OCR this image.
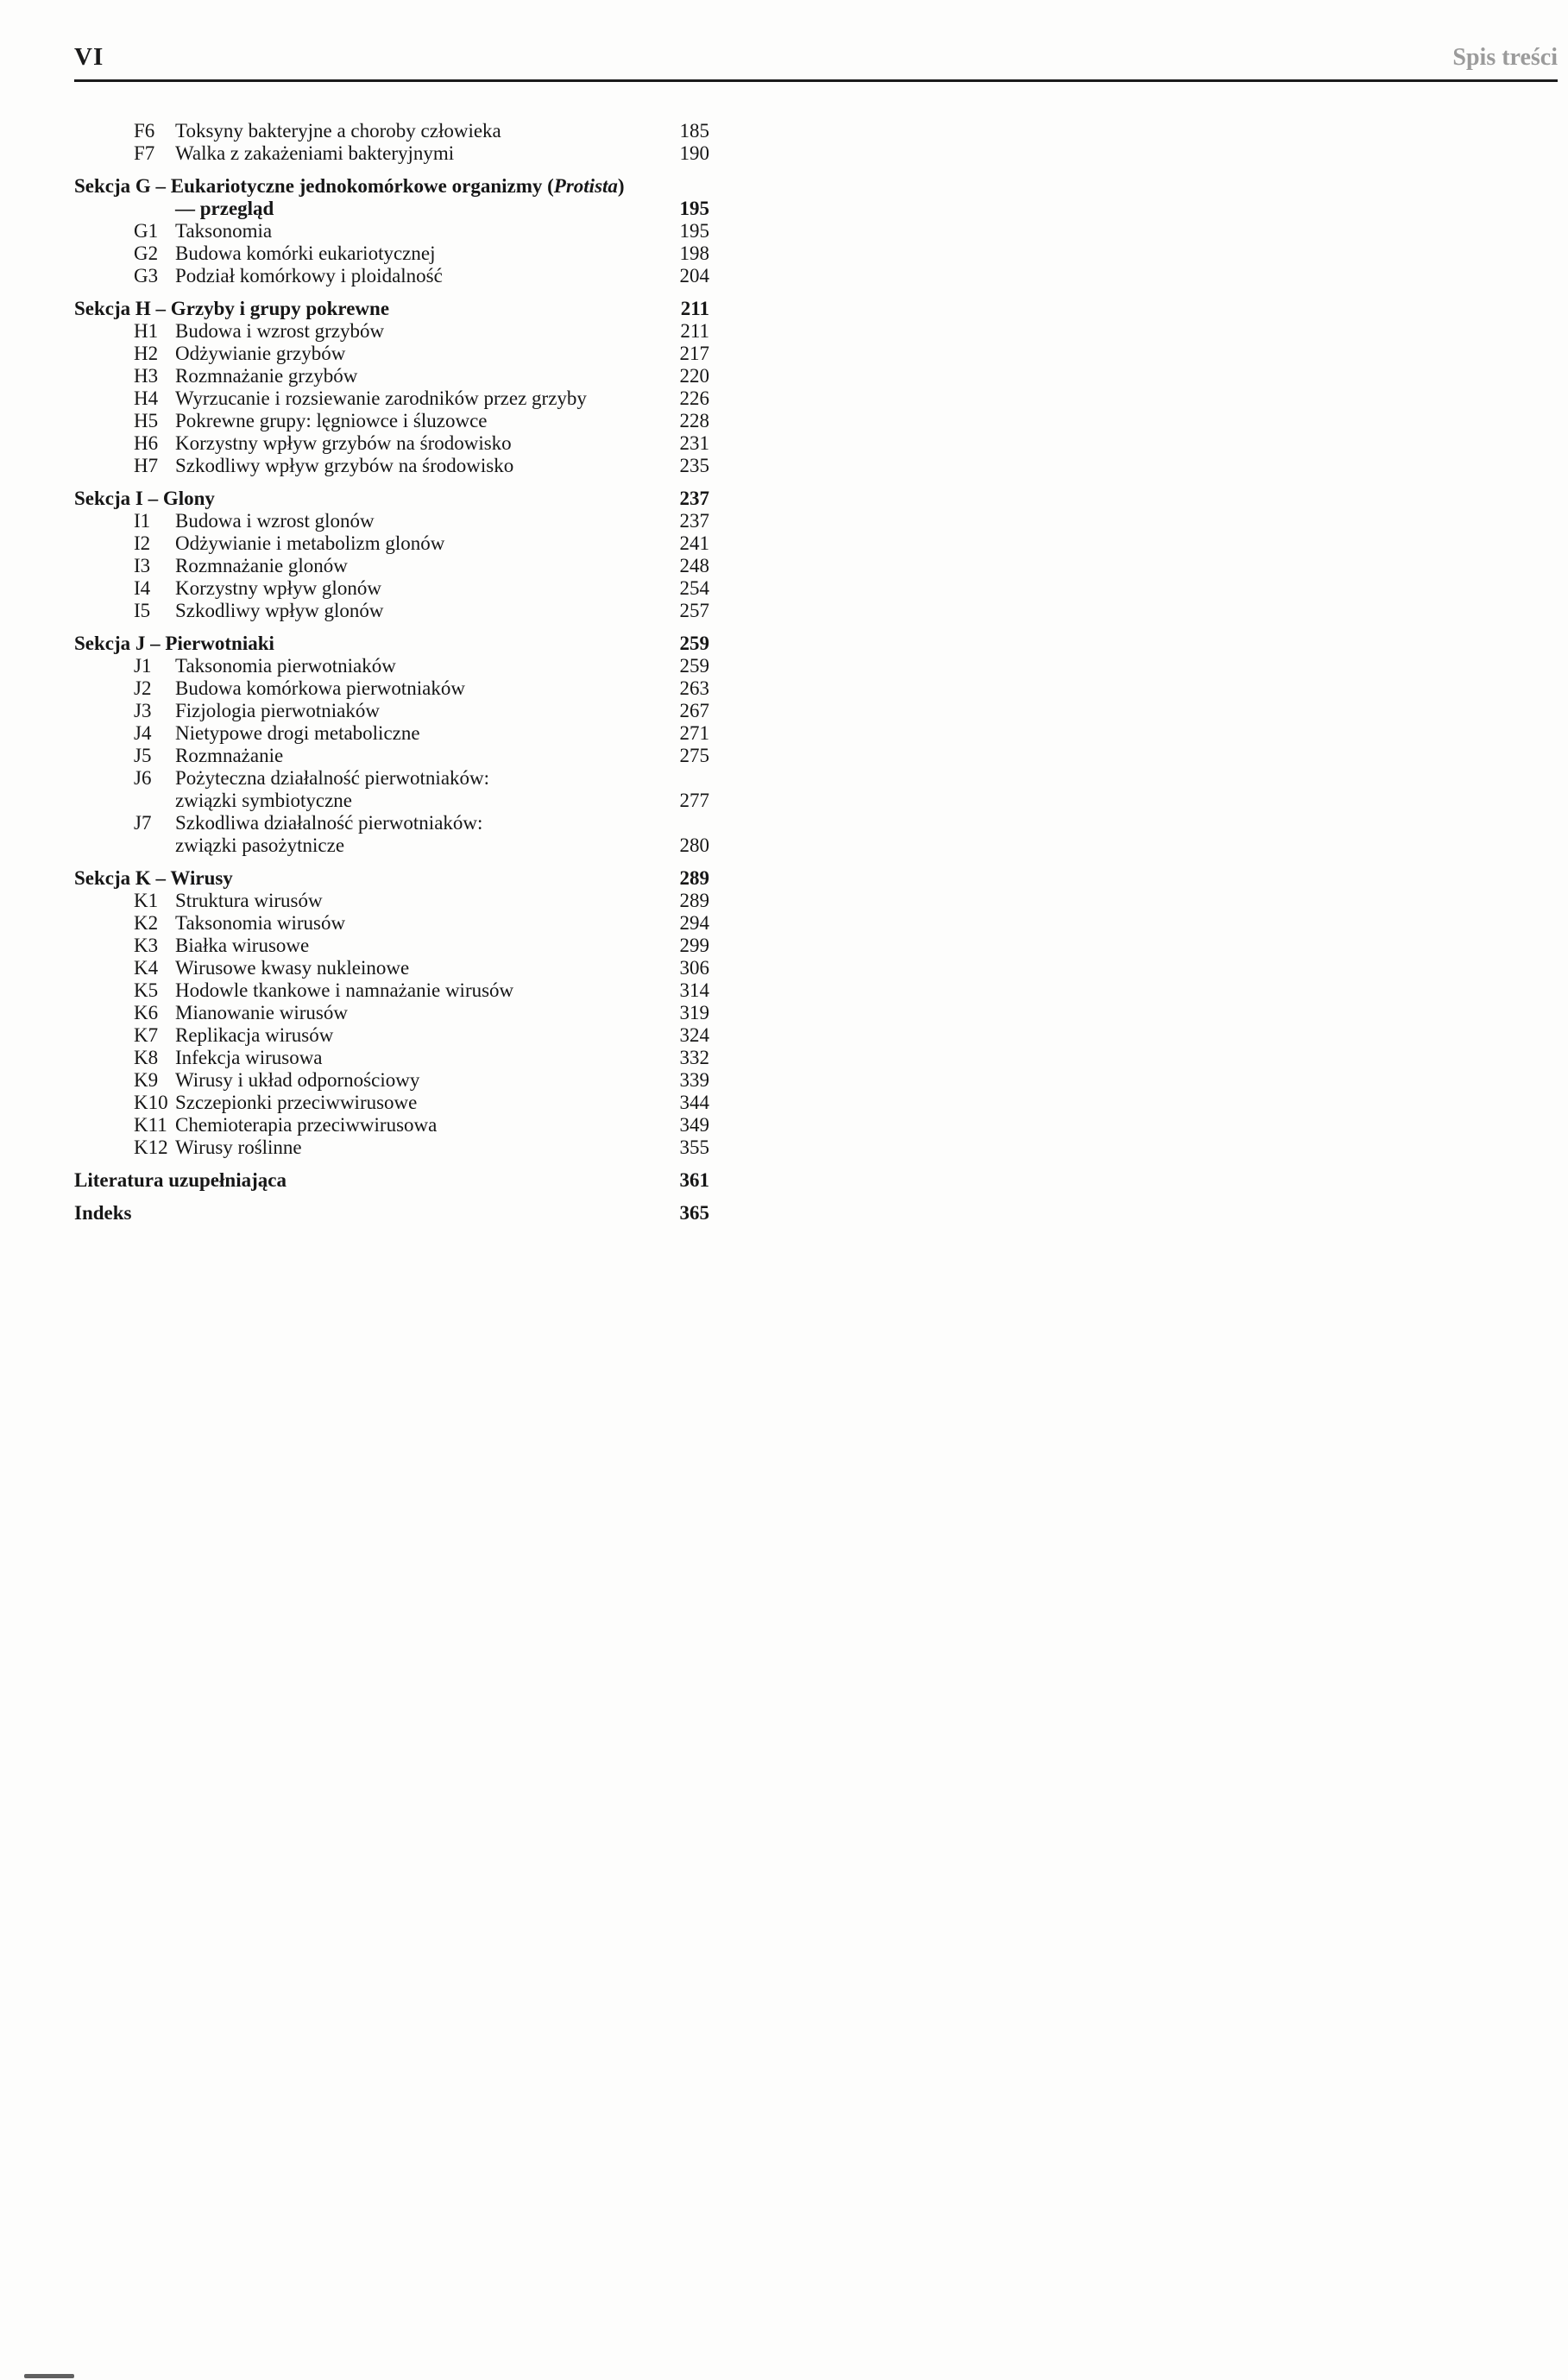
VI	Spis treści
F6	Toksyny bakteryjne a choroby człowieka	185
F7	Walka z zakażeniami bakteryjnymi	190
Sekcja G – Eukariotyczne jednokomórkowe organizmy (Protista)
— przegląd	195
G1 Taksonomia	195
G2 Budowa komórki eukariotycznej	198
G3 Podział komórkowy i ploidalność	204
Sekcja H – Grzyby i grupy pokrewne	211
H1 Budowa i wzrost grzybów	211
H2 Odżywianie grzybów	217
H3 Rozmnażanie grzybów	220
H4 Wyrzucanie i rozsiewanie zarodników przez grzyby	226
H5 Pokrewne grupy: lęgniowce i śluzowce	228
H6 Korzystny wpływ grzybów na środowisko	231
H7 Szkodliwy wpływ grzybów na środowisko	235
Sekcja I – Glony	237
I1	Budowa i wzrost glonów	237
I2	Odżywianie i metabolizm glonów	241
I3	Rozmnażanie glonów	248
I4	Korzystny wpływ glonów	254
I5	Szkodliwy wpływ glonów	257
Sekcja J – Pierwotniaki	259
J1	Taksonomia pierwotniaków	259
J2	Budowa komórkowa pierwotniaków	263
J3	Fizjologia pierwotniaków	267
J4	Nietypowe drogi metaboliczne	271
J5	Rozmnażanie	275
J6	Pożyteczna działalność pierwotniaków:
związki symbiotyczne	277
J7	Szkodliwa działalność pierwotniaków:
związki pasożytnicze	280
Sekcja K – Wirusy	289
K1 Struktura wirusów	289
K2 Taksonomia wirusów	294
K3 Białka wirusowe	299
K4 Wirusowe kwasy nukleinowe	306
K5 Hodowle tkankowe i namnażanie wirusów	314
K6 Mianowanie wirusów	319
K7 Replikacja wirusów	324
K8 Infekcja wirusowa	332
K9 Wirusy i układ odpornościowy	339
K10 Szczepionki przeciwwirusowe	344
K11 Chemioterapia przeciwwirusowa	349
K12 Wirusy roślinne	355
Literatura uzupełniająca	361
Indeks	365
